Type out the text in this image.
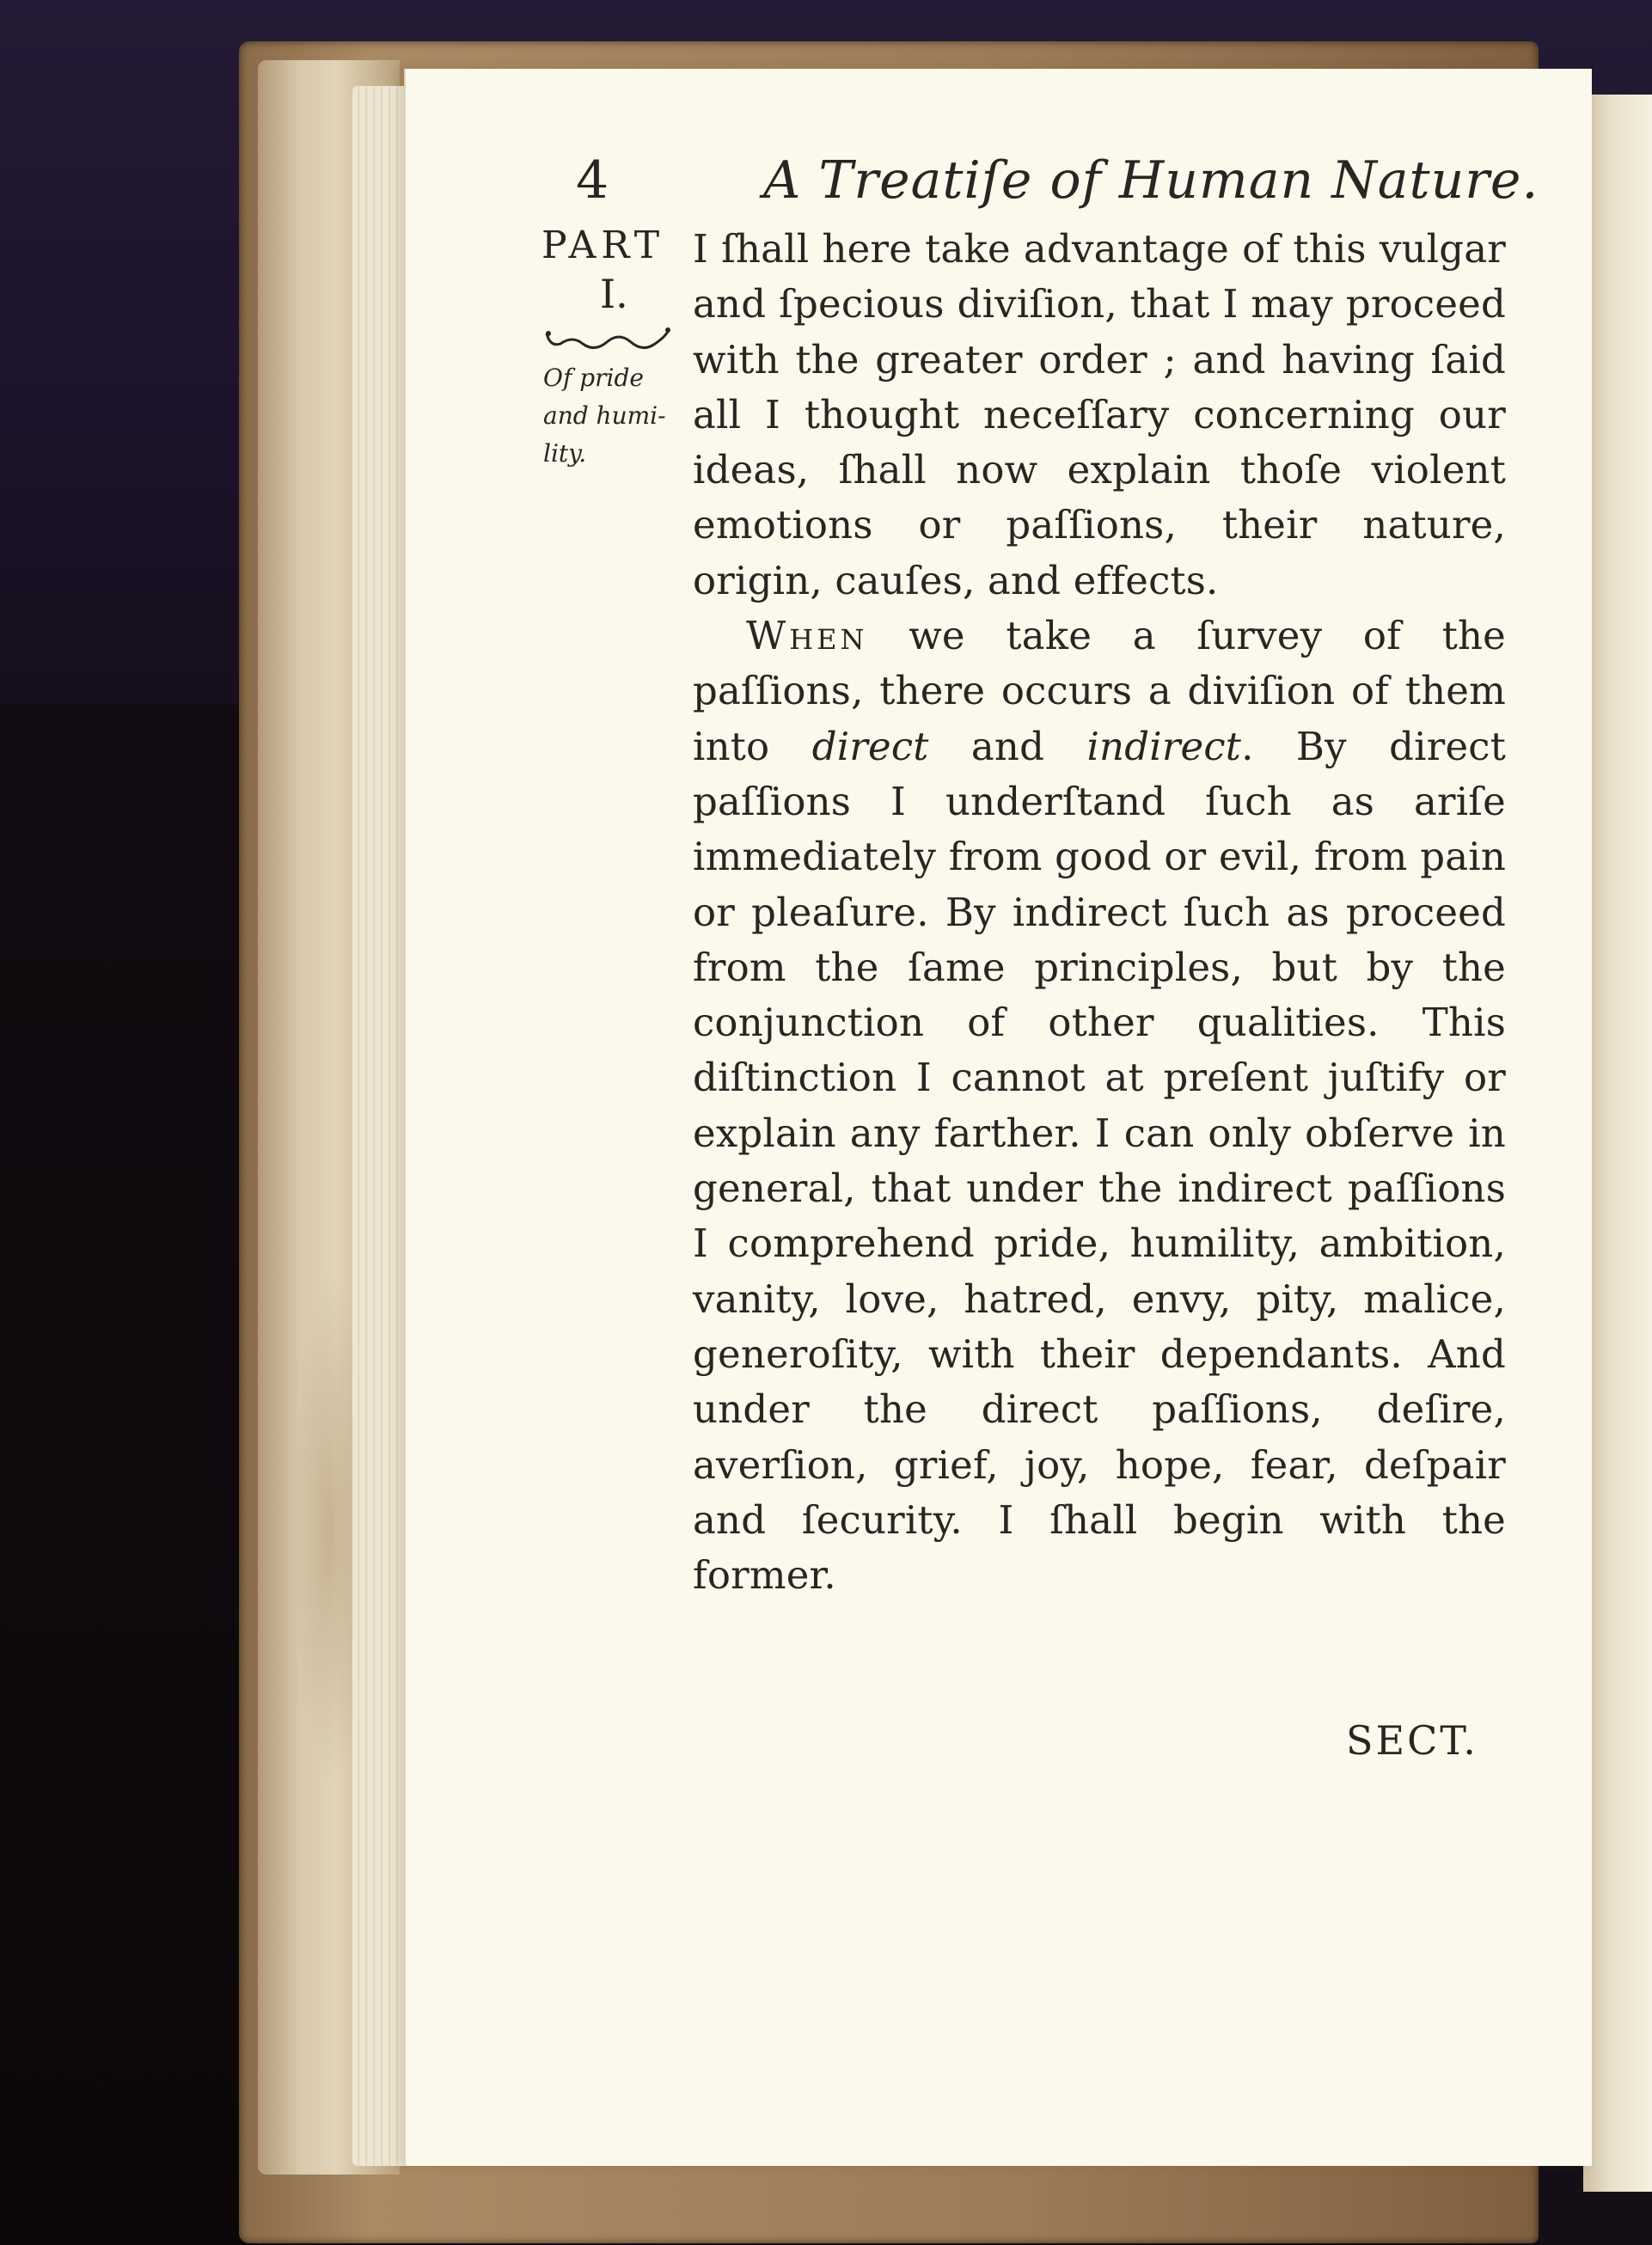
4	A Treatiſe of Human Nature.
PART
I.
Of pride
and humi-
lity.

I ſhall here take advantage of this vulgar and ſpecious diviſion, that I may proceed with the greater order ; and having ſaid all I thought neceſſary concerning our ideas, ſhall now explain thoſe violent emotions or paſſions, their nature, origin, cauſes, and effects.

When we take a ſurvey of the paſſions, there occurs a diviſion of them into direct and indirect. By direct paſſions I underſtand ſuch as ariſe immediately from good or evil, from pain or pleaſure. By indirect ſuch as proceed from the ſame principles, but by the conjunction of other qualities. This diſtinction I cannot at preſent juſtify or explain any farther. I can only obſerve in general, that under the indirect paſſions I comprehend pride, humility, ambition, vanity, love, hatred, envy, pity, malice, generoſity, with their dependants. And under the direct paſſions, deſire, averſion, grief, joy, hope, fear, deſpair and ſecurity. I ſhall begin with the former.

SECT.
